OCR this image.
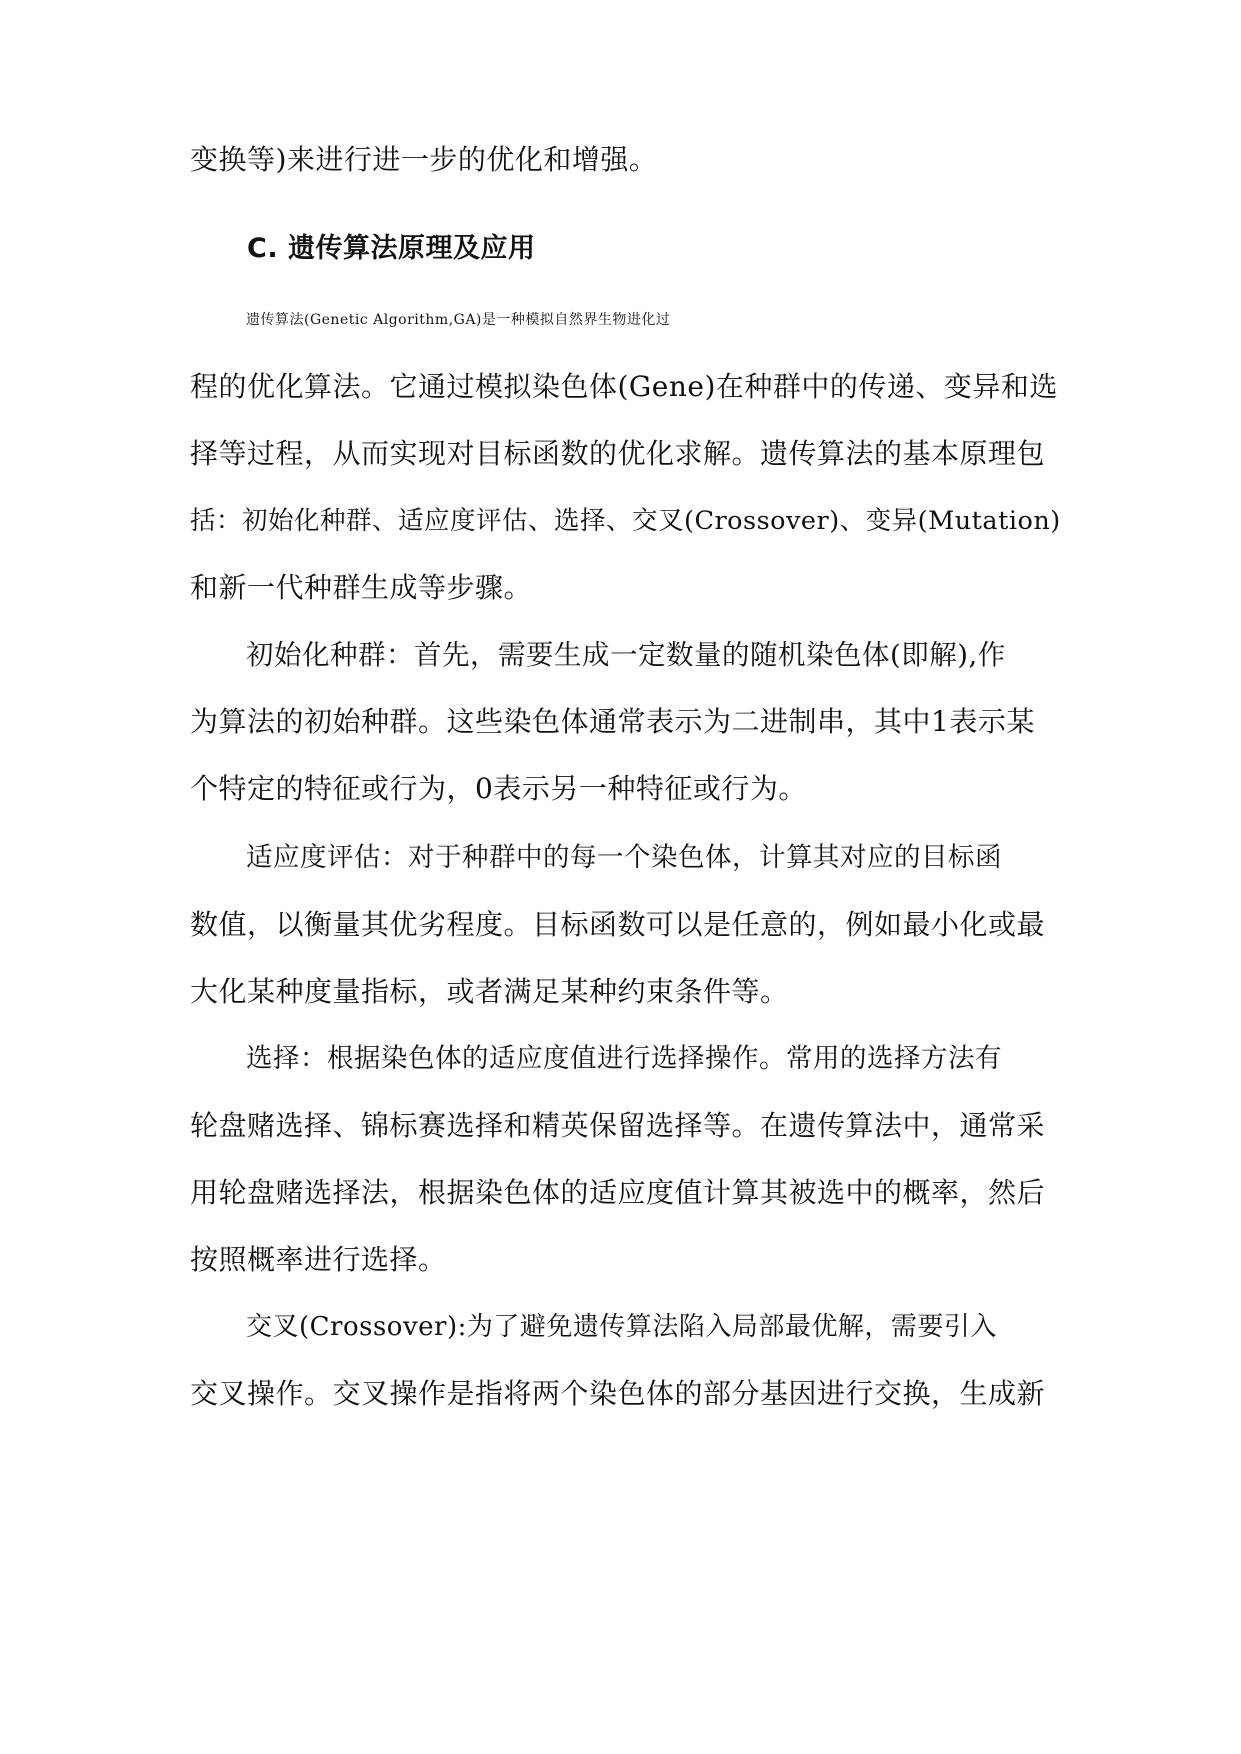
变换等)来进行进一步的优化和增强。
C. 遗传算法原理及应用
遗传算法(Genetic Algorithm,GA)是一种模拟自然界生物进化过
程的优化算法。它通过模拟染色体(Gene)在种群中的传递、变异和选
择等过程，从而实现对目标函数的优化求解。遗传算法的基本原理包
括：初始化种群、适应度评估、选择、交叉(Crossover)、变异(Mutation)
和新一代种群生成等步骤。
初始化种群：首先，需要生成一定数量的随机染色体(即解),作
为算法的初始种群。这些染色体通常表示为二进制串，其中1表示某
个特定的特征或行为，0表示另一种特征或行为。
适应度评估：对于种群中的每一个染色体，计算其对应的目标函
数值，以衡量其优劣程度。目标函数可以是任意的，例如最小化或最
大化某种度量指标，或者满足某种约束条件等。
选择：根据染色体的适应度值进行选择操作。常用的选择方法有
轮盘赌选择、锦标赛选择和精英保留选择等。在遗传算法中，通常采
用轮盘赌选择法，根据染色体的适应度值计算其被选中的概率，然后
按照概率进行选择。
交叉(Crossover):为了避免遗传算法陷入局部最优解，需要引入
交叉操作。交叉操作是指将两个染色体的部分基因进行交换，生成新
